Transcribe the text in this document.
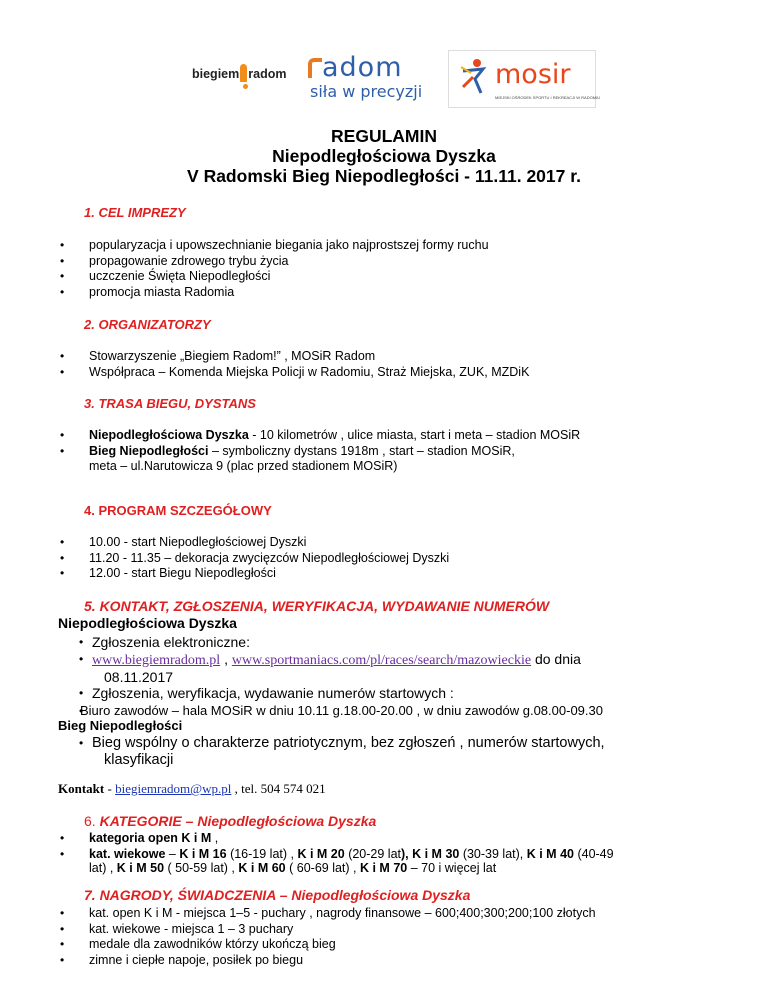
biegiem radom adom
siła w precyzji
mosir
MIEJSKI OŚRODEK SPORTU I REKREACJI W RADOMIU
REGULAMIN
Niepodległościowa Dyszka
V Radomski Bieg Niepodległości - 11.11. 2017 r.
1. CEL IMPREZY
• popularyzacja i upowszechnianie biegania jako najprostszej formy ruchu
• propagowanie zdrowego trybu życia
• uczczenie Święta Niepodległości
• promocja miasta Radomia
2. ORGANIZATORZY
• Stowarzyszenie „Biegiem Radom!” , MOSiR Radom
• Współpraca – Komenda Miejska Policji w Radomiu, Straż Miejska, ZUK, MZDiK
3. TRASA BIEGU, DYSTANS
• Niepodległościowa Dyszka - 10 kilometrów , ulice miasta, start i meta – stadion MOSiR
• Bieg Niepodległości – symboliczny dystans 1918m , start – stadion MOSiR,
meta – ul.Narutowicza 9 (plac przed stadionem MOSiR)
4. PROGRAM SZCZEGÓŁOWY
• 10.00 - start Niepodległościowej Dyszki
• 11.20 - 11.35 – dekoracja zwycięzców Niepodległościowej Dyszki
• 12.00 - start Biegu Niepodległości
5. KONTAKT, ZGŁOSZENIA, WERYFIKACJA, WYDAWANIE NUMERÓW
Niepodległościowa Dyszka
• Zgłoszenia elektroniczne:
• www.biegiemradom.pl , www.sportmaniacs.com/pl/races/search/mazowieckie do dnia
08.11.2017
• Zgłoszenia, weryfikacja, wydawanie numerów startowych :
• Biuro zawodów – hala MOSiR w dniu 10.11 g.18.00-20.00 , w dniu zawodów g.08.00-09.30
Bieg Niepodległości
• Bieg wspólny o charakterze patriotycznym, bez zgłoszeń , numerów startowych,
klasyfikacji
Kontakt - biegiemradom@wp.pl , tel. 504 574 021
6. KATEGORIE – Niepodległościowa Dyszka
• kategoria open K i M ,
• kat. wiekowe – K i M 16 (16-19 lat) , K i M 20 (20-29 lat), K i M 30 (30-39 lat), K i M 40 (40-49
lat) , K i M 50 ( 50-59 lat) , K i M 60 ( 60-69 lat) , K i M 70 – 70 i więcej lat
7. NAGRODY, ŚWIADCZENIA – Niepodległościowa Dyszka
• kat. open K i M - miejsca 1–5 - puchary , nagrody finansowe – 600;400;300;200;100 złotych
• kat. wiekowe - miejsca 1 – 3 puchary
• medale dla zawodników którzy ukończą bieg
• zimne i ciepłe napoje, posiłek po biegu
